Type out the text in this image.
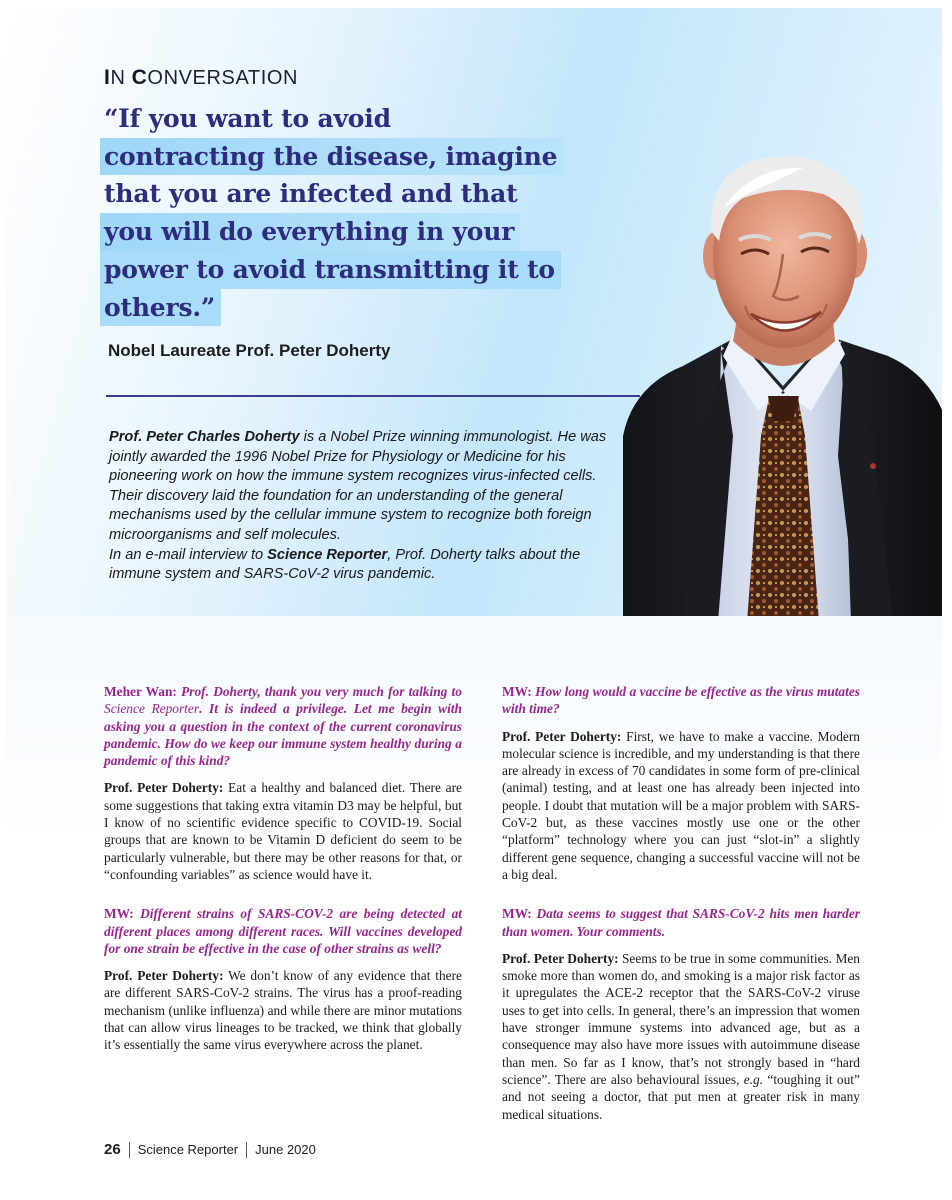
IN CONVERSATION
“If you want to avoid
contracting the disease, imagine
that you are infected and that
you will do everything in your
power to avoid transmitting it to
others.”
Nobel Laureate Prof. Peter Doherty
Prof. Peter Charles Doherty is a Nobel Prize winning immunologist. He was jointly awarded the 1996 Nobel Prize for Physiology or Medicine for his pioneering work on how the immune system recognizes virus-infected cells. Their discovery laid the foundation for an understanding of the general mechanisms used by the cellular immune system to recognize both foreign microorganisms and self molecules.
In an e-mail interview to Science Reporter, Prof. Doherty talks about the immune system and SARS-CoV-2 virus pandemic.

Meher Wan: Prof. Doherty, thank you very much for talking to Science Reporter. It is indeed a privilege. Let me begin with asking you a question in the context of the current coronavirus pandemic. How do we keep our immune system healthy during a pandemic of this kind?

Prof. Peter Doherty: Eat a healthy and balanced diet. There are some suggestions that taking extra vitamin D3 may be helpful, but I know of no scientific evidence specific to COVID-19. Social groups that are known to be Vitamin D deficient do seem to be particularly vulnerable, but there may be other reasons for that, or “confounding variables” as science would have it.

MW: Different strains of SARS-COV-2 are being detected at different places among different races. Will vaccines developed for one strain be effective in the case of other strains as well?

Prof. Peter Doherty: We don’t know of any evidence that there are different SARS-CoV-2 strains. The virus has a proof-reading mechanism (unlike influenza) and while there are minor mutations that can allow virus lineages to be tracked, we think that globally it’s essentially the same virus everywhere across the planet.

MW: How long would a vaccine be effective as the virus mutates with time?

Prof. Peter Doherty: First, we have to make a vaccine. Modern molecular science is incredible, and my understanding is that there are already in excess of 70 candidates in some form of pre-clinical (animal) testing, and at least one has already been injected into people. I doubt that mutation will be a major problem with SARS-CoV-2 but, as these vaccines mostly use one or the other “platform” technology where you can just “slot-in” a slightly different gene sequence, changing a successful vaccine will not be a big deal.

MW: Data seems to suggest that SARS-CoV-2 hits men harder than women. Your comments.

Prof. Peter Doherty: Seems to be true in some communities. Men smoke more than women do, and smoking is a major risk factor as it upregulates the ACE-2 receptor that the SARS-CoV-2 viruse uses to get into cells. In general, there’s an impression that women have stronger immune systems into advanced age, but as a consequence may also have more issues with autoimmune disease than men. So far as I know, that’s not strongly based in “hard science”. There are also behavioural issues, e.g. “toughing it out” and not seeing a doctor, that put men at greater risk in many medical situations.

26 Science Reporter June 2020
